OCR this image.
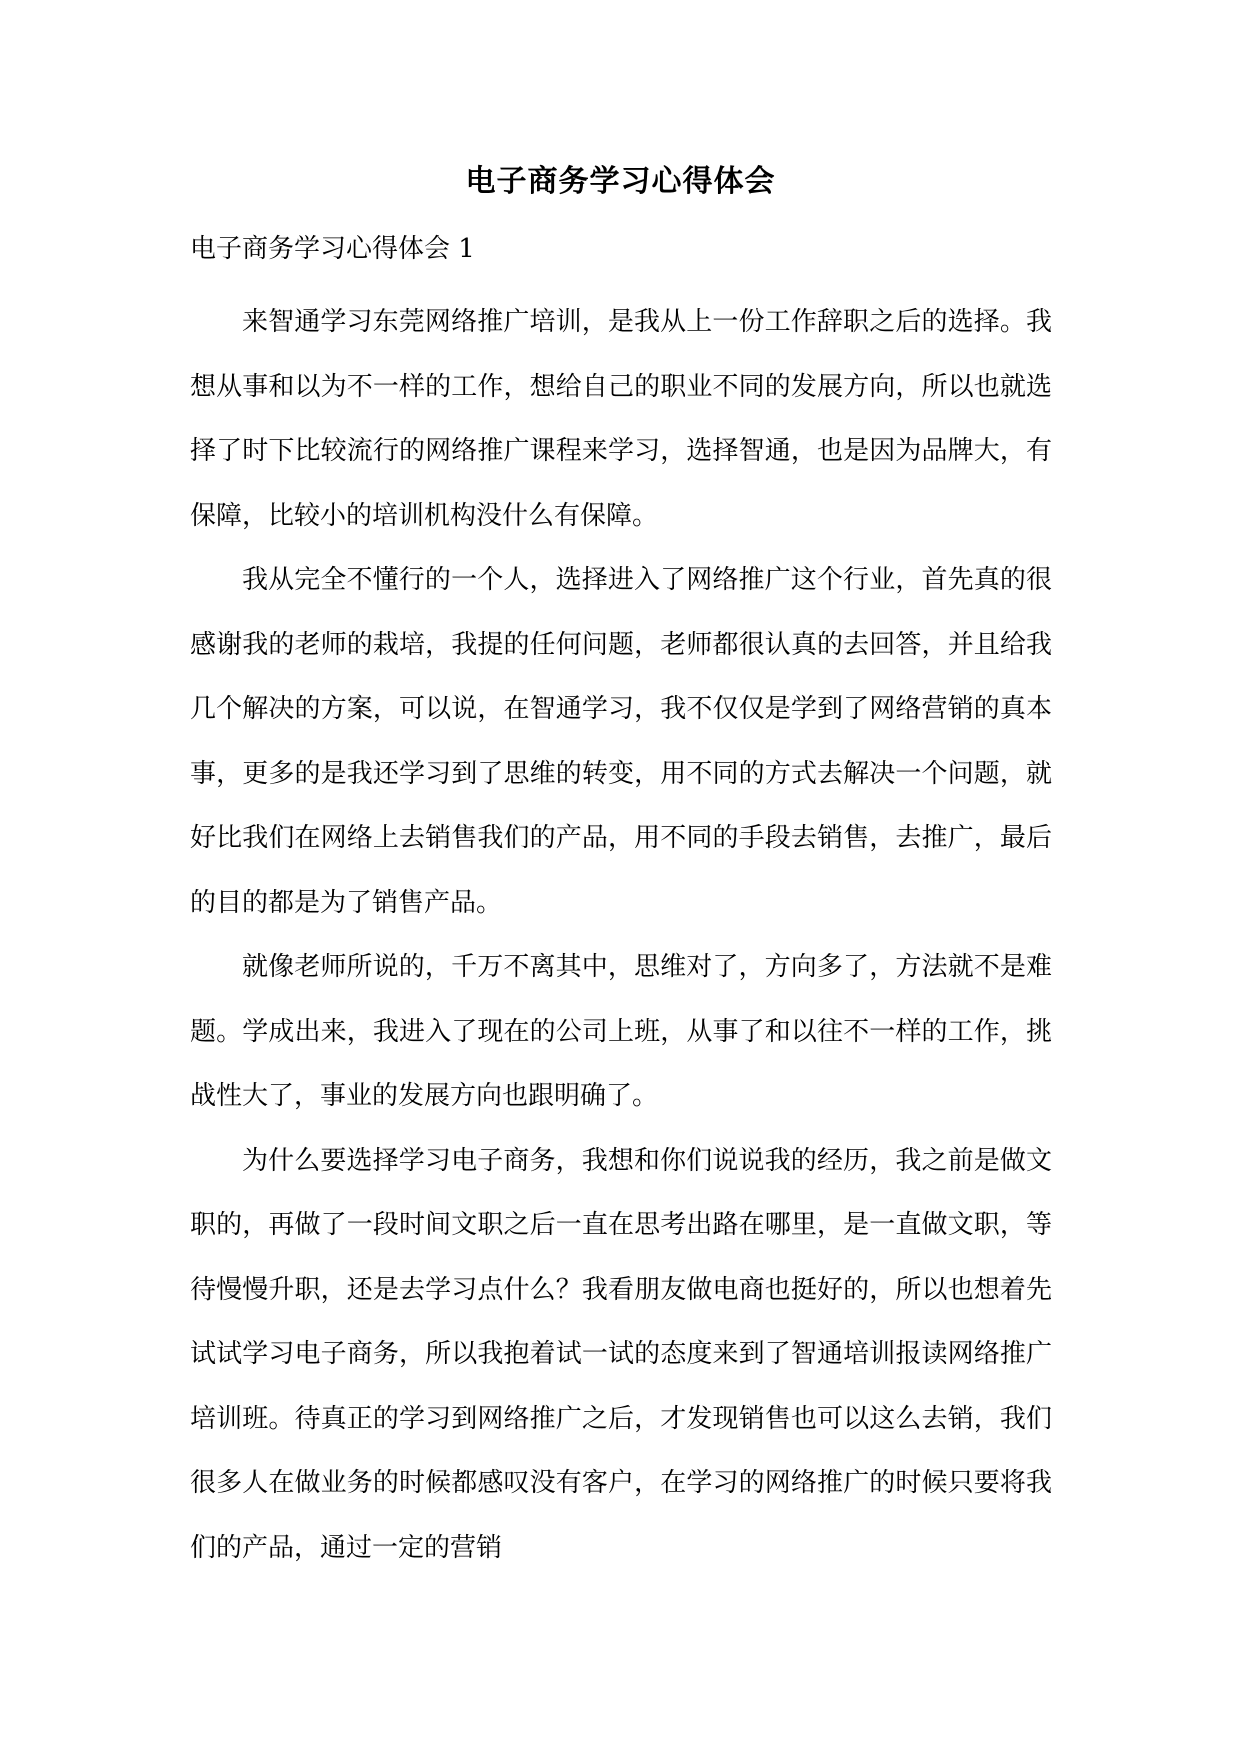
电子商务学习心得体会
电子商务学习心得体会 1

来智通学习东莞网络推广培训，是我从上一份工作辞职之后的选择。我想从事和以为不一样的工作，想给自己的职业不同的发展方向，所以也就选择了时下比较流行的网络推广课程来学习，选择智通，也是因为品牌大，有保障，比较小的培训机构没什么有保障。

我从完全不懂行的一个人，选择进入了网络推广这个行业，首先真的很感谢我的老师的栽培，我提的任何问题，老师都很认真的去回答，并且给我几个解决的方案，可以说，在智通学习，我不仅仅是学到了网络营销的真本事，更多的是我还学习到了思维的转变，用不同的方式去解决一个问题，就好比我们在网络上去销售我们的产品，用不同的手段去销售，去推广，最后的目的都是为了销售产品。

就像老师所说的，千万不离其中，思维对了，方向多了，方法就不是难题。学成出来，我进入了现在的公司上班，从事了和以往不一样的工作，挑战性大了，事业的发展方向也跟明确了。

为什么要选择学习电子商务，我想和你们说说我的经历，我之前是做文职的，再做了一段时间文职之后一直在思考出路在哪里，是一直做文职，等待慢慢升职，还是去学习点什么？我看朋友做电商也挺好的，所以也想着先试试学习电子商务，所以我抱着试一试的态度来到了智通培训报读网络推广培训班。待真正的学习到网络推广之后，才发现销售也可以这么去销，我们很多人在做业务的时候都感叹没有客户，在学习的网络推广的时候只要将我们的产品，通过一定的营销
